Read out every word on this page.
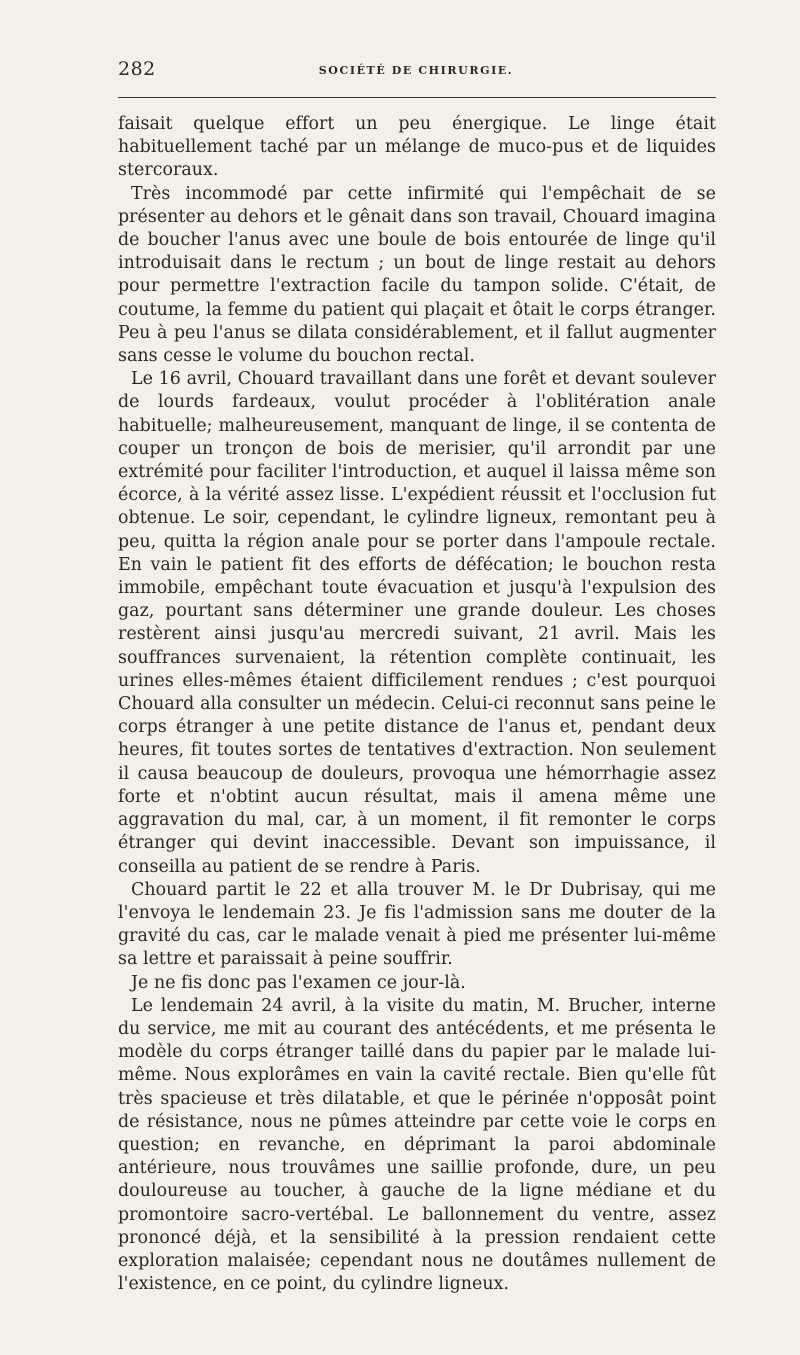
282	SOCIÉTÉ DE CHIRURGIE.

faisait quelque effort un peu énergique. Le linge était habituellement taché par un mélange de muco-pus et de liquides stercoraux.

Très incommodé par cette infirmité qui l'empêchait de se présenter au dehors et le gênait dans son travail, Chouard imagina de boucher l'anus avec une boule de bois entourée de linge qu'il introduisait dans le rectum ; un bout de linge restait au dehors pour permettre l'extraction facile du tampon solide. C'était, de coutume, la femme du patient qui plaçait et ôtait le corps étranger. Peu à peu l'anus se dilata considérablement, et il fallut augmenter sans cesse le volume du bouchon rectal.

Le 16 avril, Chouard travaillant dans une forêt et devant soulever de lourds fardeaux, voulut procéder à l'oblitération anale habituelle; malheureusement, manquant de linge, il se contenta de couper un tronçon de bois de merisier, qu'il arrondit par une extrémité pour faciliter l'introduction, et auquel il laissa même son écorce, à la vérité assez lisse. L'expédient réussit et l'occlusion fut obtenue. Le soir, cependant, le cylindre ligneux, remontant peu à peu, quitta la région anale pour se porter dans l'ampoule rectale. En vain le patient fit des efforts de défécation; le bouchon resta immobile, empêchant toute évacuation et jusqu'à l'expulsion des gaz, pourtant sans déterminer une grande douleur. Les choses restèrent ainsi jusqu'au mercredi suivant, 21 avril. Mais les souffrances survenaient, la rétention complète continuait, les urines elles-mêmes étaient difficilement rendues ; c'est pourquoi Chouard alla consulter un médecin. Celui-ci reconnut sans peine le corps étranger à une petite distance de l'anus et, pendant deux heures, fit toutes sortes de tentatives d'extraction. Non seulement il causa beaucoup de douleurs, provoqua une hémorrhagie assez forte et n'obtint aucun résultat, mais il amena même une aggravation du mal, car, à un moment, il fit remonter le corps étranger qui devint inaccessible. Devant son impuissance, il conseilla au patient de se rendre à Paris.

Chouard partit le 22 et alla trouver M. le Dr Dubrisay, qui me l'envoya le lendemain 23. Je fis l'admission sans me douter de la gravité du cas, car le malade venait à pied me présenter lui-même sa lettre et paraissait à peine souffrir.

Je ne fis donc pas l'examen ce jour-là.

Le lendemain 24 avril, à la visite du matin, M. Brucher, interne du service, me mit au courant des antécédents, et me présenta le modèle du corps étranger taillé dans du papier par le malade lui-même. Nous explorâmes en vain la cavité rectale. Bien qu'elle fût très spacieuse et très dilatable, et que le périnée n'opposât point de résistance, nous ne pûmes atteindre par cette voie le corps en question; en revanche, en déprimant la paroi abdominale antérieure, nous trouvâmes une saillie profonde, dure, un peu douloureuse au toucher, à gauche de la ligne médiane et du promontoire sacro-vertébal. Le ballonnement du ventre, assez prononcé déjà, et la sensibilité à la pression rendaient cette exploration malaisée; cependant nous ne doutâmes nullement de l'existence, en ce point, du cylindre ligneux.
